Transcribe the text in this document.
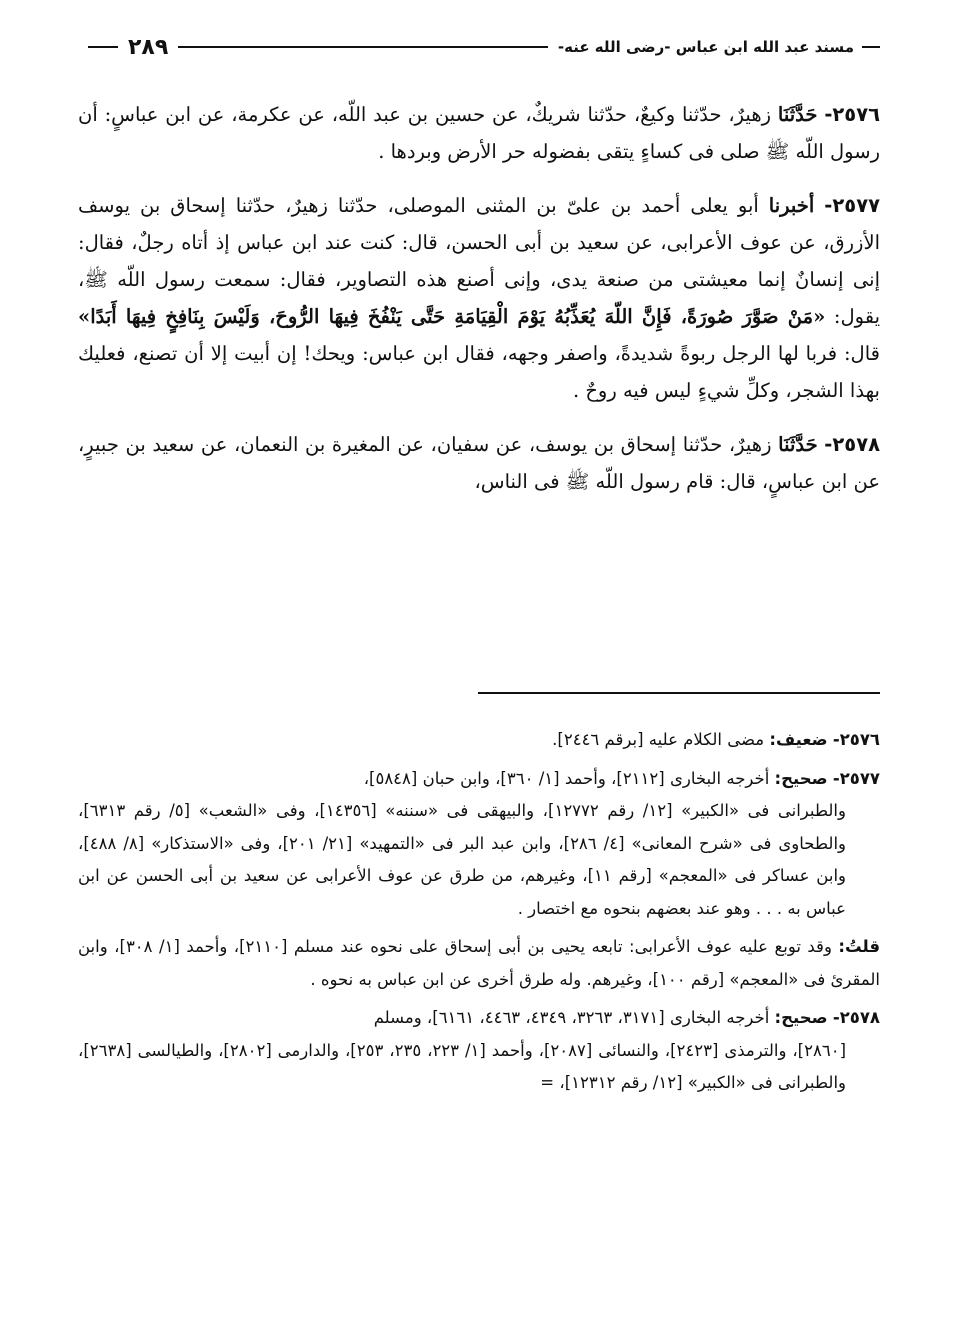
مسند عبد الله ابن عباس -رضى الله عنه-
٢٨٩

٢٥٧٦- حَدَّثَنَا زهيرٌ، حدّثنا وكيعٌ، حدّثنا شريكٌ، عن حسين بن عبد اللّه، عن عكرمة، عن ابن عباسٍ: أن رسول اللّه ﷺ صلى فى كساءٍ يتقى بفضوله حر الأرض وبردها .

٢٥٧٧- أخبرنا أبو يعلى أحمد بن علىّ بن المثنى الموصلى، حدّثنا زهيرٌ، حدّثنا إسحاق بن يوسف الأزرق، عن عوف الأعرابى، عن سعيد بن أبى الحسن، قال: كنت عند ابن عباس إذ أتاه رجلٌ، فقال: إنى إنسانٌ إنما معيشتى من صنعة يدى، وإنى أصنع هذه التصاوير، فقال: سمعت رسول اللّه ﷺ، يقول: «مَنْ صَوَّرَ صُورَةً، فَإِنَّ اللّهَ يُعَذِّبُهُ يَوْمَ الْقِيَامَةِ حَتَّى يَنْفُخَ فِيهَا الرُّوحَ، وَلَيْسَ بِنَافِخٍ فِيهَا أَبَدًا» قال: فربا لها الرجل ربوةً شديدةً، واصفر وجهه، فقال ابن عباس: ويحك! إن أبيت إلا أن تصنع، فعليك بهذا الشجر، وكلِّ شيءٍ ليس فيه روحٌ .

٢٥٧٨- حَدَّثَنَا زهيرٌ، حدّثنا إسحاق بن يوسف، عن سفيان، عن المغيرة بن النعمان، عن سعيد بن جبيرٍ، عن ابن عباسٍ، قال: قام رسول اللّه ﷺ فى الناس،

٢٥٧٦- ضعيف: مضى الكلام عليه [برقم ٢٤٤٦].
٢٥٧٧- صحيح: أخرجه البخارى [٢١١٢]، وأحمد [١/ ٣٦٠]، وابن حبان [٥٨٤٨]،
والطبرانى فى «الكبير» [١٢/ رقم ١٢٧٧٢]، والبيهقى فى «سننه» [١٤٣٥٦]، وفى «الشعب» [٥/ رقم ٦٣١٣]، والطحاوى فى «شرح المعانى» [٤/ ٢٨٦]، وابن عبد البر فى «التمهيد» [٢١/ ٢٠١]، وفى «الاستذكار» [٨/ ٤٨٨]، وابن عساكر فى «المعجم» [رقم ١١]، وغيرهم، من طرق عن عوف الأعرابى عن سعيد بن أبى الحسن عن ابن عباس به . . . وهو عند بعضهم بنحوه مع اختصار .
قلتُ: وقد توبع عليه عوف الأعرابى: تابعه يحيى بن أبى إسحاق على نحوه عند مسلم [٢١١٠]، وأحمد [١/ ٣٠٨]، وابن المقرئ فى «المعجم» [رقم ١٠٠]، وغيرهم. وله طرق أخرى عن ابن عباس به نحوه .
٢٥٧٨- صحيح: أخرجه البخارى [٣١٧١، ٣٢٦٣، ٤٣٤٩، ٤٤٦٣، ٦١٦١]، ومسلم
[٢٨٦٠]، والترمذى [٢٤٢٣]، والنسائى [٢٠٨٧]، وأحمد [١/ ٢٢٣، ٢٣٥، ٢٥٣]، والدارمى [٢٨٠٢]، والطيالسى [٢٦٣٨]، والطبرانى فى «الكبير» [١٢/ رقم ١٢٣١٢]، =
